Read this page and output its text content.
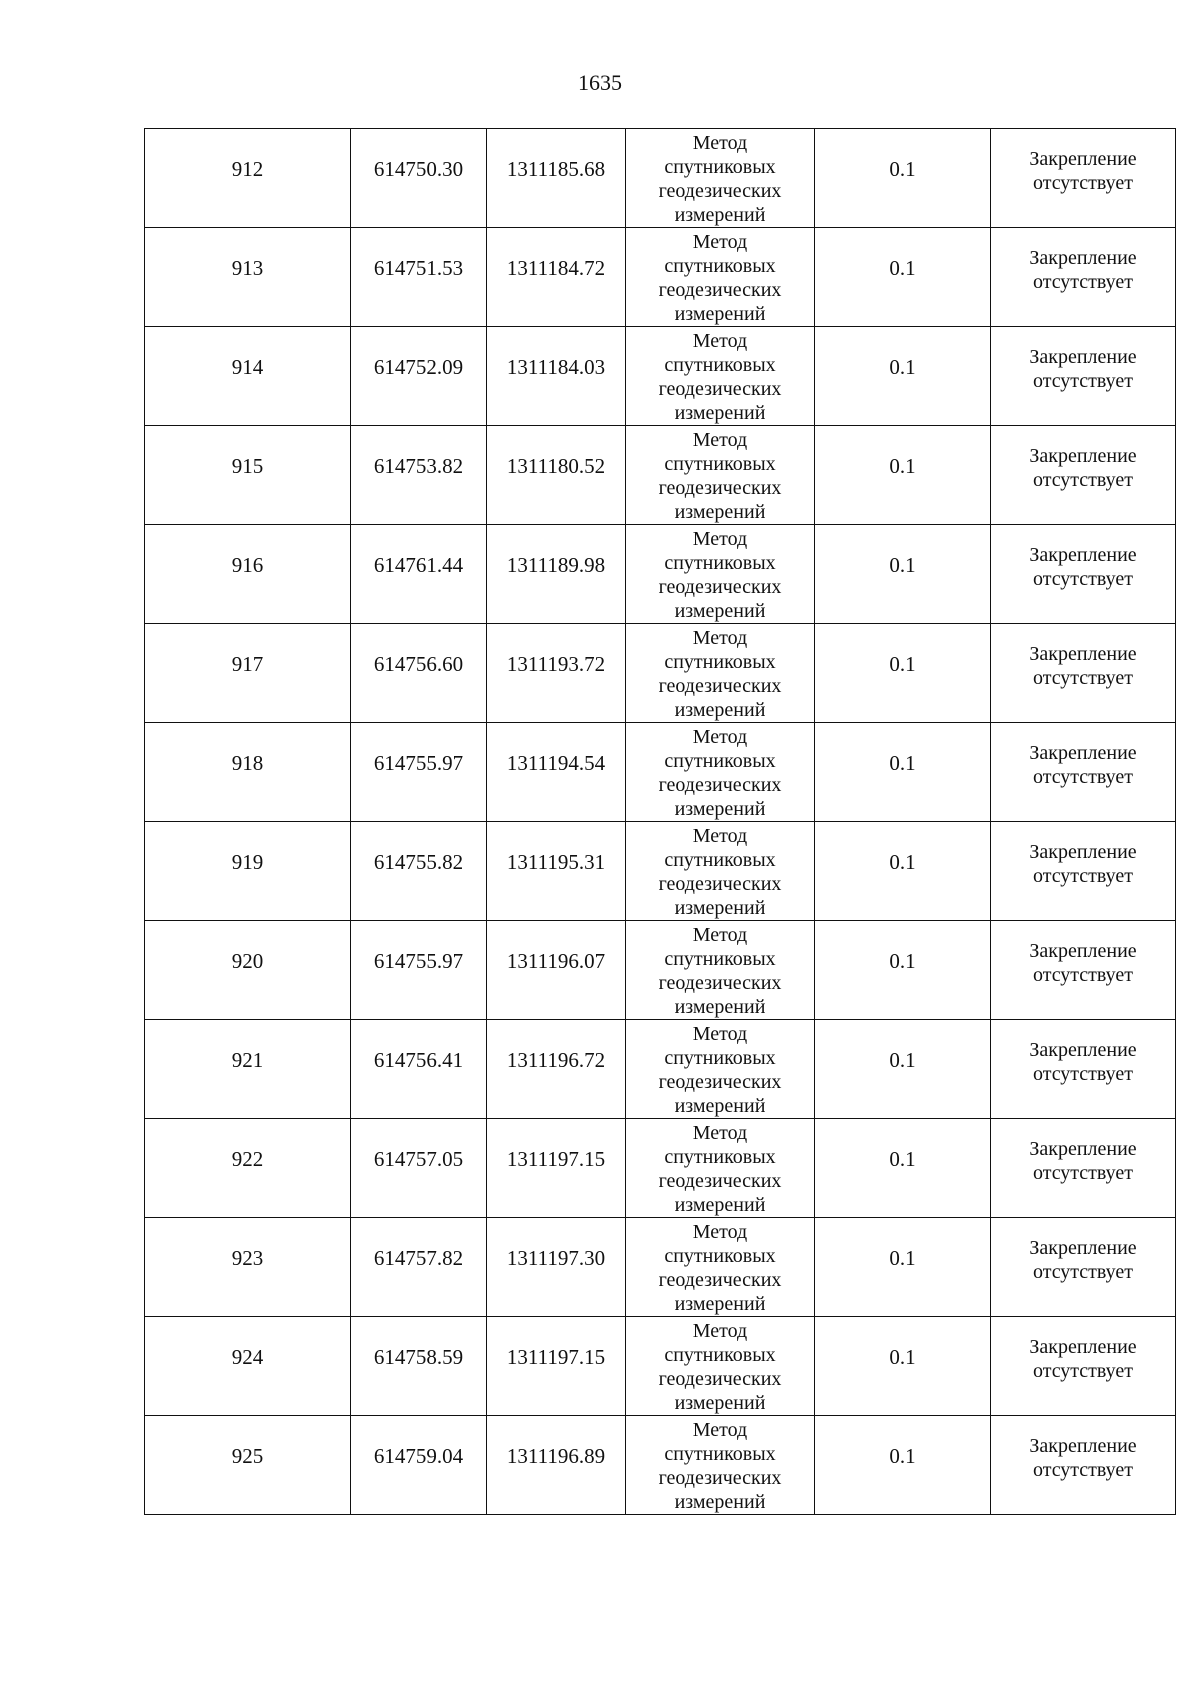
1635
912	614750.30	1311185.68	Метод
спутниковых
геодезических
измерений	0.1	Закрепление
отсутствует

913	614751.53	1311184.72	Метод
спутниковых
геодезических
измерений	0.1	Закрепление
отсутствует

914	614752.09	1311184.03	Метод
спутниковых
геодезических
измерений	0.1	Закрепление
отсутствует

915	614753.82	1311180.52	Метод
спутниковых
геодезических
измерений	0.1	Закрепление
отсутствует

916	614761.44	1311189.98	Метод
спутниковых
геодезических
измерений	0.1	Закрепление
отсутствует

917	614756.60	1311193.72	Метод
спутниковых
геодезических
измерений	0.1	Закрепление
отсутствует

918	614755.97	1311194.54	Метод
спутниковых
геодезических
измерений	0.1	Закрепление
отсутствует

919	614755.82	1311195.31	Метод
спутниковых
геодезических
измерений	0.1	Закрепление
отсутствует

920	614755.97	1311196.07	Метод
спутниковых
геодезических
измерений	0.1	Закрепление
отсутствует

921	614756.41	1311196.72	Метод
спутниковых
геодезических
измерений	0.1	Закрепление
отсутствует

922	614757.05	1311197.15	Метод
спутниковых
геодезических
измерений	0.1	Закрепление
отсутствует

923	614757.82	1311197.30	Метод
спутниковых
геодезических
измерений	0.1	Закрепление
отсутствует

924	614758.59	1311197.15	Метод
спутниковых
геодезических
измерений	0.1	Закрепление
отсутствует

925	614759.04	1311196.89	Метод
спутниковых
геодезических
измерений	0.1	Закрепление
отсутствует
